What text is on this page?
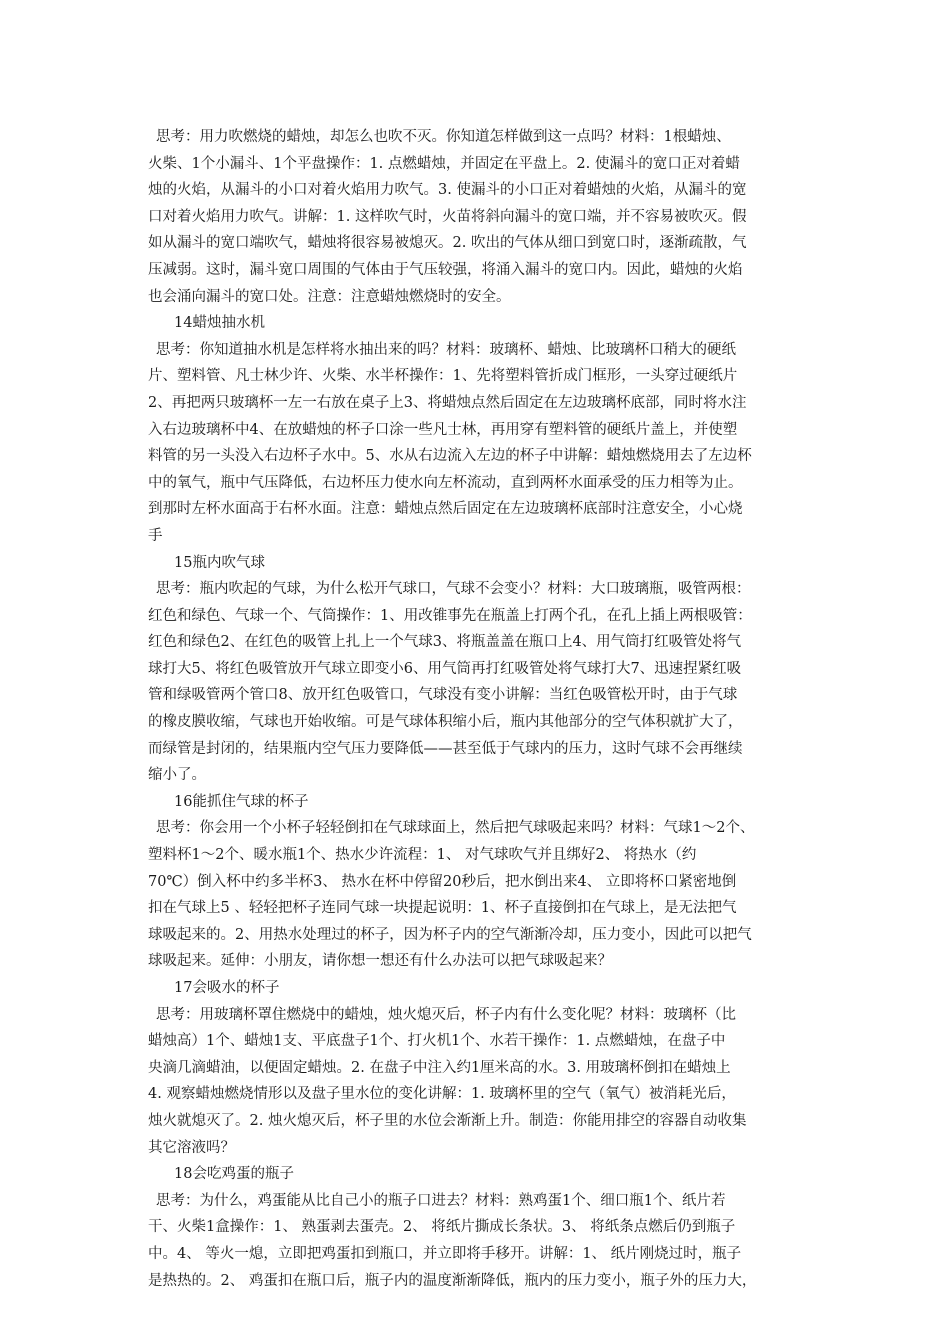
思考：用力吹燃烧的蜡烛，却怎么也吹不灭。你知道怎样做到这一点吗？材料：1根蜡烛、
火柴、1个小漏斗、1个平盘操作：1. 点燃蜡烛，并固定在平盘上。2. 使漏斗的宽口正对着蜡
烛的火焰，从漏斗的小口对着火焰用力吹气。3. 使漏斗的小口正对着蜡烛的火焰，从漏斗的宽
口对着火焰用力吹气。讲解：1. 这样吹气时，火苗将斜向漏斗的宽口端，并不容易被吹灭。假
如从漏斗的宽口端吹气，蜡烛将很容易被熄灭。2. 吹出的气体从细口到宽口时，逐渐疏散，气
压减弱。这时，漏斗宽口周围的气体由于气压较强，将涌入漏斗的宽口内。因此，蜡烛的火焰
也会涌向漏斗的宽口处。注意：注意蜡烛燃烧时的安全。
14蜡烛抽水机
思考：你知道抽水机是怎样将水抽出来的吗？材料：玻璃杯、蜡烛、比玻璃杯口稍大的硬纸
片、塑料管、凡士林少许、火柴、水半杯操作：1、先将塑料管折成门框形，一头穿过硬纸片
2、再把两只玻璃杯一左一右放在桌子上3、将蜡烛点然后固定在左边玻璃杯底部，同时将水注
入右边玻璃杯中4、在放蜡烛的杯子口涂一些凡士林，再用穿有塑料管的硬纸片盖上，并使塑
料管的另一头没入右边杯子水中。5、水从右边流入左边的杯子中讲解：蜡烛燃烧用去了左边杯
中的氧气，瓶中气压降低，右边杯压力使水向左杯流动，直到两杯水面承受的压力相等为止。
到那时左杯水面高于右杯水面。注意：蜡烛点然后固定在左边玻璃杯底部时注意安全，小心烧
手
15瓶内吹气球
思考：瓶内吹起的气球，为什么松开气球口，气球不会变小？材料：大口玻璃瓶，吸管两根：
红色和绿色、气球一个、气筒操作：1、用改锥事先在瓶盖上打两个孔，在孔上插上两根吸管：
红色和绿色2、在红色的吸管上扎上一个气球3、将瓶盖盖在瓶口上4、用气筒打红吸管处将气
球打大5、将红色吸管放开气球立即变小6、用气筒再打红吸管处将气球打大7、迅速捏紧红吸
管和绿吸管两个管口8、放开红色吸管口，气球没有变小讲解：当红色吸管松开时，由于气球
的橡皮膜收缩，气球也开始收缩。可是气球体积缩小后，瓶内其他部分的空气体积就扩大了，
而绿管是封闭的，结果瓶内空气压力要降低——甚至低于气球内的压力，这时气球不会再继续
缩小了。
16能抓住气球的杯子
思考：你会用一个小杯子轻轻倒扣在气球球面上，然后把气球吸起来吗？材料：气球1～2个、
塑料杯1～2个、暖水瓶1个、热水少许流程：1、 对气球吹气并且绑好2、 将热水（约
70℃）倒入杯中约多半杯3、 热水在杯中停留20秒后，把水倒出来4、 立即将杯口紧密地倒
扣在气球上5 、轻轻把杯子连同气球一块提起说明：1、杯子直接倒扣在气球上，是无法把气
球吸起来的。2、用热水处理过的杯子，因为杯子内的空气渐渐冷却，压力变小，因此可以把气
球吸起来。延伸：小朋友，请你想一想还有什么办法可以把气球吸起来？
17会吸水的杯子
思考：用玻璃杯罩住燃烧中的蜡烛，烛火熄灭后，杯子内有什么变化呢？材料：玻璃杯（比
蜡烛高）1个、蜡烛1支、平底盘子1个、打火机1个、水若干操作：1. 点燃蜡烛，在盘子中
央滴几滴蜡油，以便固定蜡烛。2. 在盘子中注入约1厘米高的水。3. 用玻璃杯倒扣在蜡烛上
4. 观察蜡烛燃烧情形以及盘子里水位的变化讲解：1. 玻璃杯里的空气（氧气）被消耗光后，
烛火就熄灭了。2. 烛火熄灭后，杯子里的水位会渐渐上升。制造：你能用排空的容器自动收集
其它溶液吗？
18会吃鸡蛋的瓶子
思考：为什么，鸡蛋能从比自己小的瓶子口进去？材料：熟鸡蛋1个、细口瓶1个、纸片若
干、火柴1盒操作：1、 熟蛋剥去蛋壳。2、 将纸片撕成长条状。3、 将纸条点燃后仍到瓶子
中。4、 等火一熄，立即把鸡蛋扣到瓶口，并立即将手移开。讲解：1、 纸片刚烧过时，瓶子
是热热的。2、 鸡蛋扣在瓶口后，瓶子内的温度渐渐降低，瓶内的压力变小，瓶子外的压力大，
